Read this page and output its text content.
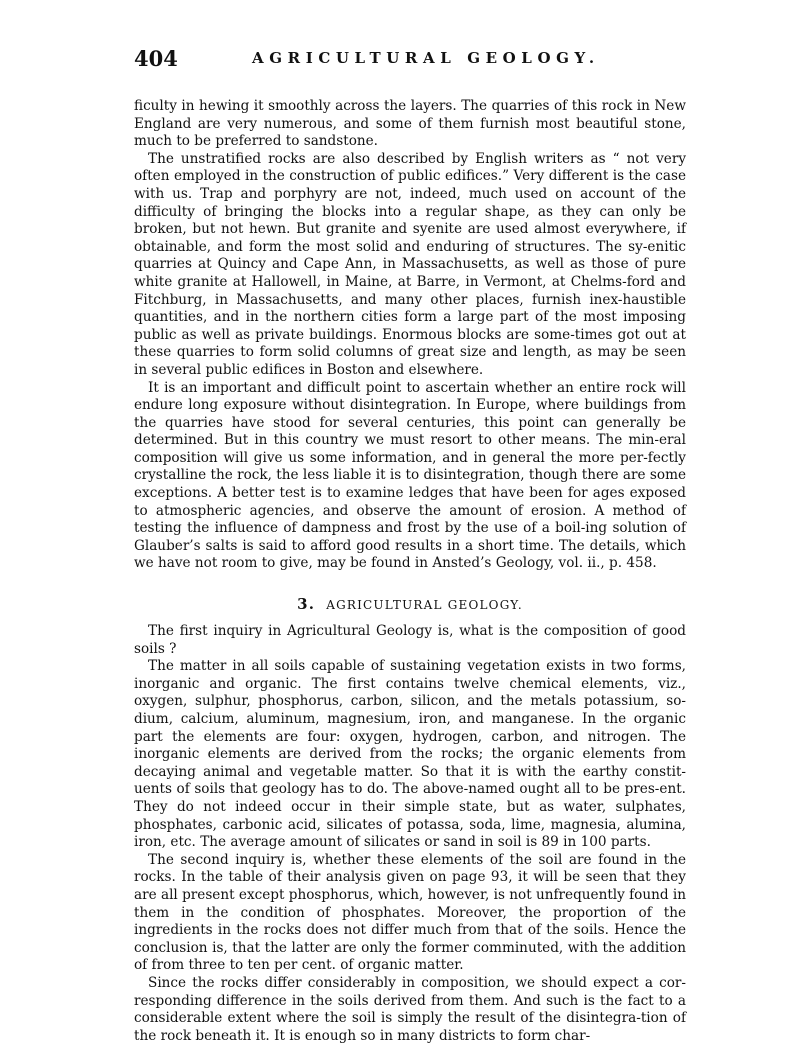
404	AGRICULTURAL GEOLOGY.

ficulty in hewing it smoothly across the layers. The quarries of this rock in New England are very numerous, and some of them furnish most beautiful stone, much to be preferred to sandstone.

The unstratified rocks are also described by English writers as “ not very often employed in the construction of public edifices.” Very different is the case with us. Trap and porphyry are not, indeed, much used on account of the difficulty of bringing the blocks into a regular shape, as they can only be broken, but not hewn. But granite and syenite are used almost everywhere, if obtainable, and form the most solid and enduring of structures. The sy-enitic quarries at Quincy and Cape Ann, in Massachusetts, as well as those of pure white granite at Hallowell, in Maine, at Barre, in Vermont, at Chelms-ford and Fitchburg, in Massachusetts, and many other places, furnish inex-haustible quantities, and in the northern cities form a large part of the most imposing public as well as private buildings. Enormous blocks are some-times got out at these quarries to form solid columns of great size and length, as may be seen in several public edifices in Boston and elsewhere.

It is an important and difficult point to ascertain whether an entire rock will endure long exposure without disintegration. In Europe, where buildings from the quarries have stood for several centuries, this point can generally be determined. But in this country we must resort to other means. The min-eral composition will give us some information, and in general the more per-fectly crystalline the rock, the less liable it is to disintegration, though there are some exceptions. A better test is to examine ledges that have been for ages exposed to atmospheric agencies, and observe the amount of erosion. A method of testing the influence of dampness and frost by the use of a boil-ing solution of Glauber’s salts is said to afford good results in a short time. The details, which we have not room to give, may be found in Ansted’s Geology, vol. ii., p. 458.

3. AGRICULTURAL GEOLOGY.

The first inquiry in Agricultural Geology is, what is the composition of good soils ?

The matter in all soils capable of sustaining vegetation exists in two forms, inorganic and organic. The first contains twelve chemical elements, viz., oxygen, sulphur, phosphorus, carbon, silicon, and the metals potassium, so-dium, calcium, aluminum, magnesium, iron, and manganese. In the organic part the elements are four: oxygen, hydrogen, carbon, and nitrogen. The inorganic elements are derived from the rocks; the organic elements from decaying animal and vegetable matter. So that it is with the earthy constit-uents of soils that geology has to do. The above-named ought all to be pres-ent. They do not indeed occur in their simple state, but as water, sulphates, phosphates, carbonic acid, silicates of potassa, soda, lime, magnesia, alumina, iron, etc. The average amount of silicates or sand in soil is 89 in 100 parts.

The second inquiry is, whether these elements of the soil are found in the rocks. In the table of their analysis given on page 93, it will be seen that they are all present except phosphorus, which, however, is not unfrequently found in them in the condition of phosphates. Moreover, the proportion of the ingredients in the rocks does not differ much from that of the soils. Hence the conclusion is, that the latter are only the former comminuted, with the addition of from three to ten per cent. of organic matter.

Since the rocks differ considerably in composition, we should expect a cor-responding difference in the soils derived from them. And such is the fact to a considerable extent where the soil is simply the result of the disintegra-tion of the rock beneath it. It is enough so in many districts to form char-
